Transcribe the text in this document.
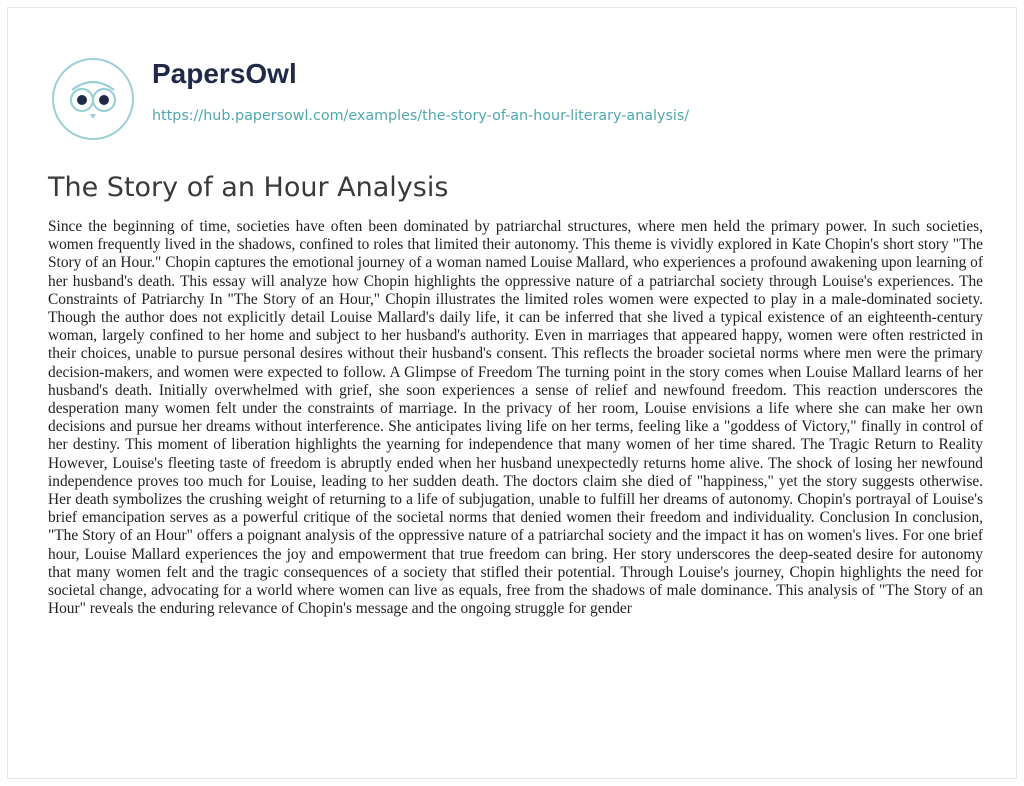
PapersOwl
https://hub.papersowl.com/examples/the-story-of-an-hour-literary-analysis/
The Story of an Hour Analysis

Since the beginning of time, societies have often been dominated by patriarchal structures, where men held the primary power. In such societies, women frequently lived in the shadows, confined to roles that limited their autonomy. This theme is vividly explored in Kate Chopin's short story "The Story of an Hour." Chopin captures the emotional journey of a woman named Louise Mallard, who experiences a profound awakening upon learning of her husband's death. This essay will analyze how Chopin highlights the oppressive nature of a patriarchal society through Louise's experiences. The Constraints of Patriarchy In "The Story of an Hour," Chopin illustrates the limited roles women were expected to play in a male-dominated society. Though the author does not explicitly detail Louise Mallard's daily life, it can be inferred that she lived a typical existence of an eighteenth-century woman, largely confined to her home and subject to her husband's authority. Even in marriages that appeared happy, women were often restricted in their choices, unable to pursue personal desires without their husband's consent. This reflects the broader societal norms where men were the primary decision-makers, and women were expected to follow. A Glimpse of Freedom The turning point in the story comes when Louise Mallard learns of her husband's death. Initially overwhelmed with grief, she soon experiences a sense of relief and newfound freedom. This reaction underscores the desperation many women felt under the constraints of marriage. In the privacy of her room, Louise envisions a life where she can make her own decisions and pursue her dreams without interference. She anticipates living life on her terms, feeling like a "goddess of Victory," finally in control of her destiny. This moment of liberation highlights the yearning for independence that many women of her time shared. The Tragic Return to Reality However, Louise's fleeting taste of freedom is abruptly ended when her husband unexpectedly returns home alive. The shock of losing her newfound independence proves too much for Louise, leading to her sudden death. The doctors claim she died of "happiness," yet the story suggests otherwise. Her death symbolizes the crushing weight of returning to a life of subjugation, unable to fulfill her dreams of autonomy. Chopin's portrayal of Louise's brief emancipation serves as a powerful critique of the societal norms that denied women their freedom and individuality. Conclusion In conclusion, "The Story of an Hour" offers a poignant analysis of the oppressive nature of a patriarchal society and the impact it has on women's lives. For one brief hour, Louise Mallard experiences the joy and empowerment that true freedom can bring. Her story underscores the deep-seated desire for autonomy that many women felt and the tragic consequences of a society that stifled their potential. Through Louise's journey, Chopin highlights the need for societal change, advocating for a world where women can live as equals, free from the shadows of male dominance. This analysis of "The Story of an Hour" reveals the enduring relevance of Chopin's message and the ongoing struggle for gender
